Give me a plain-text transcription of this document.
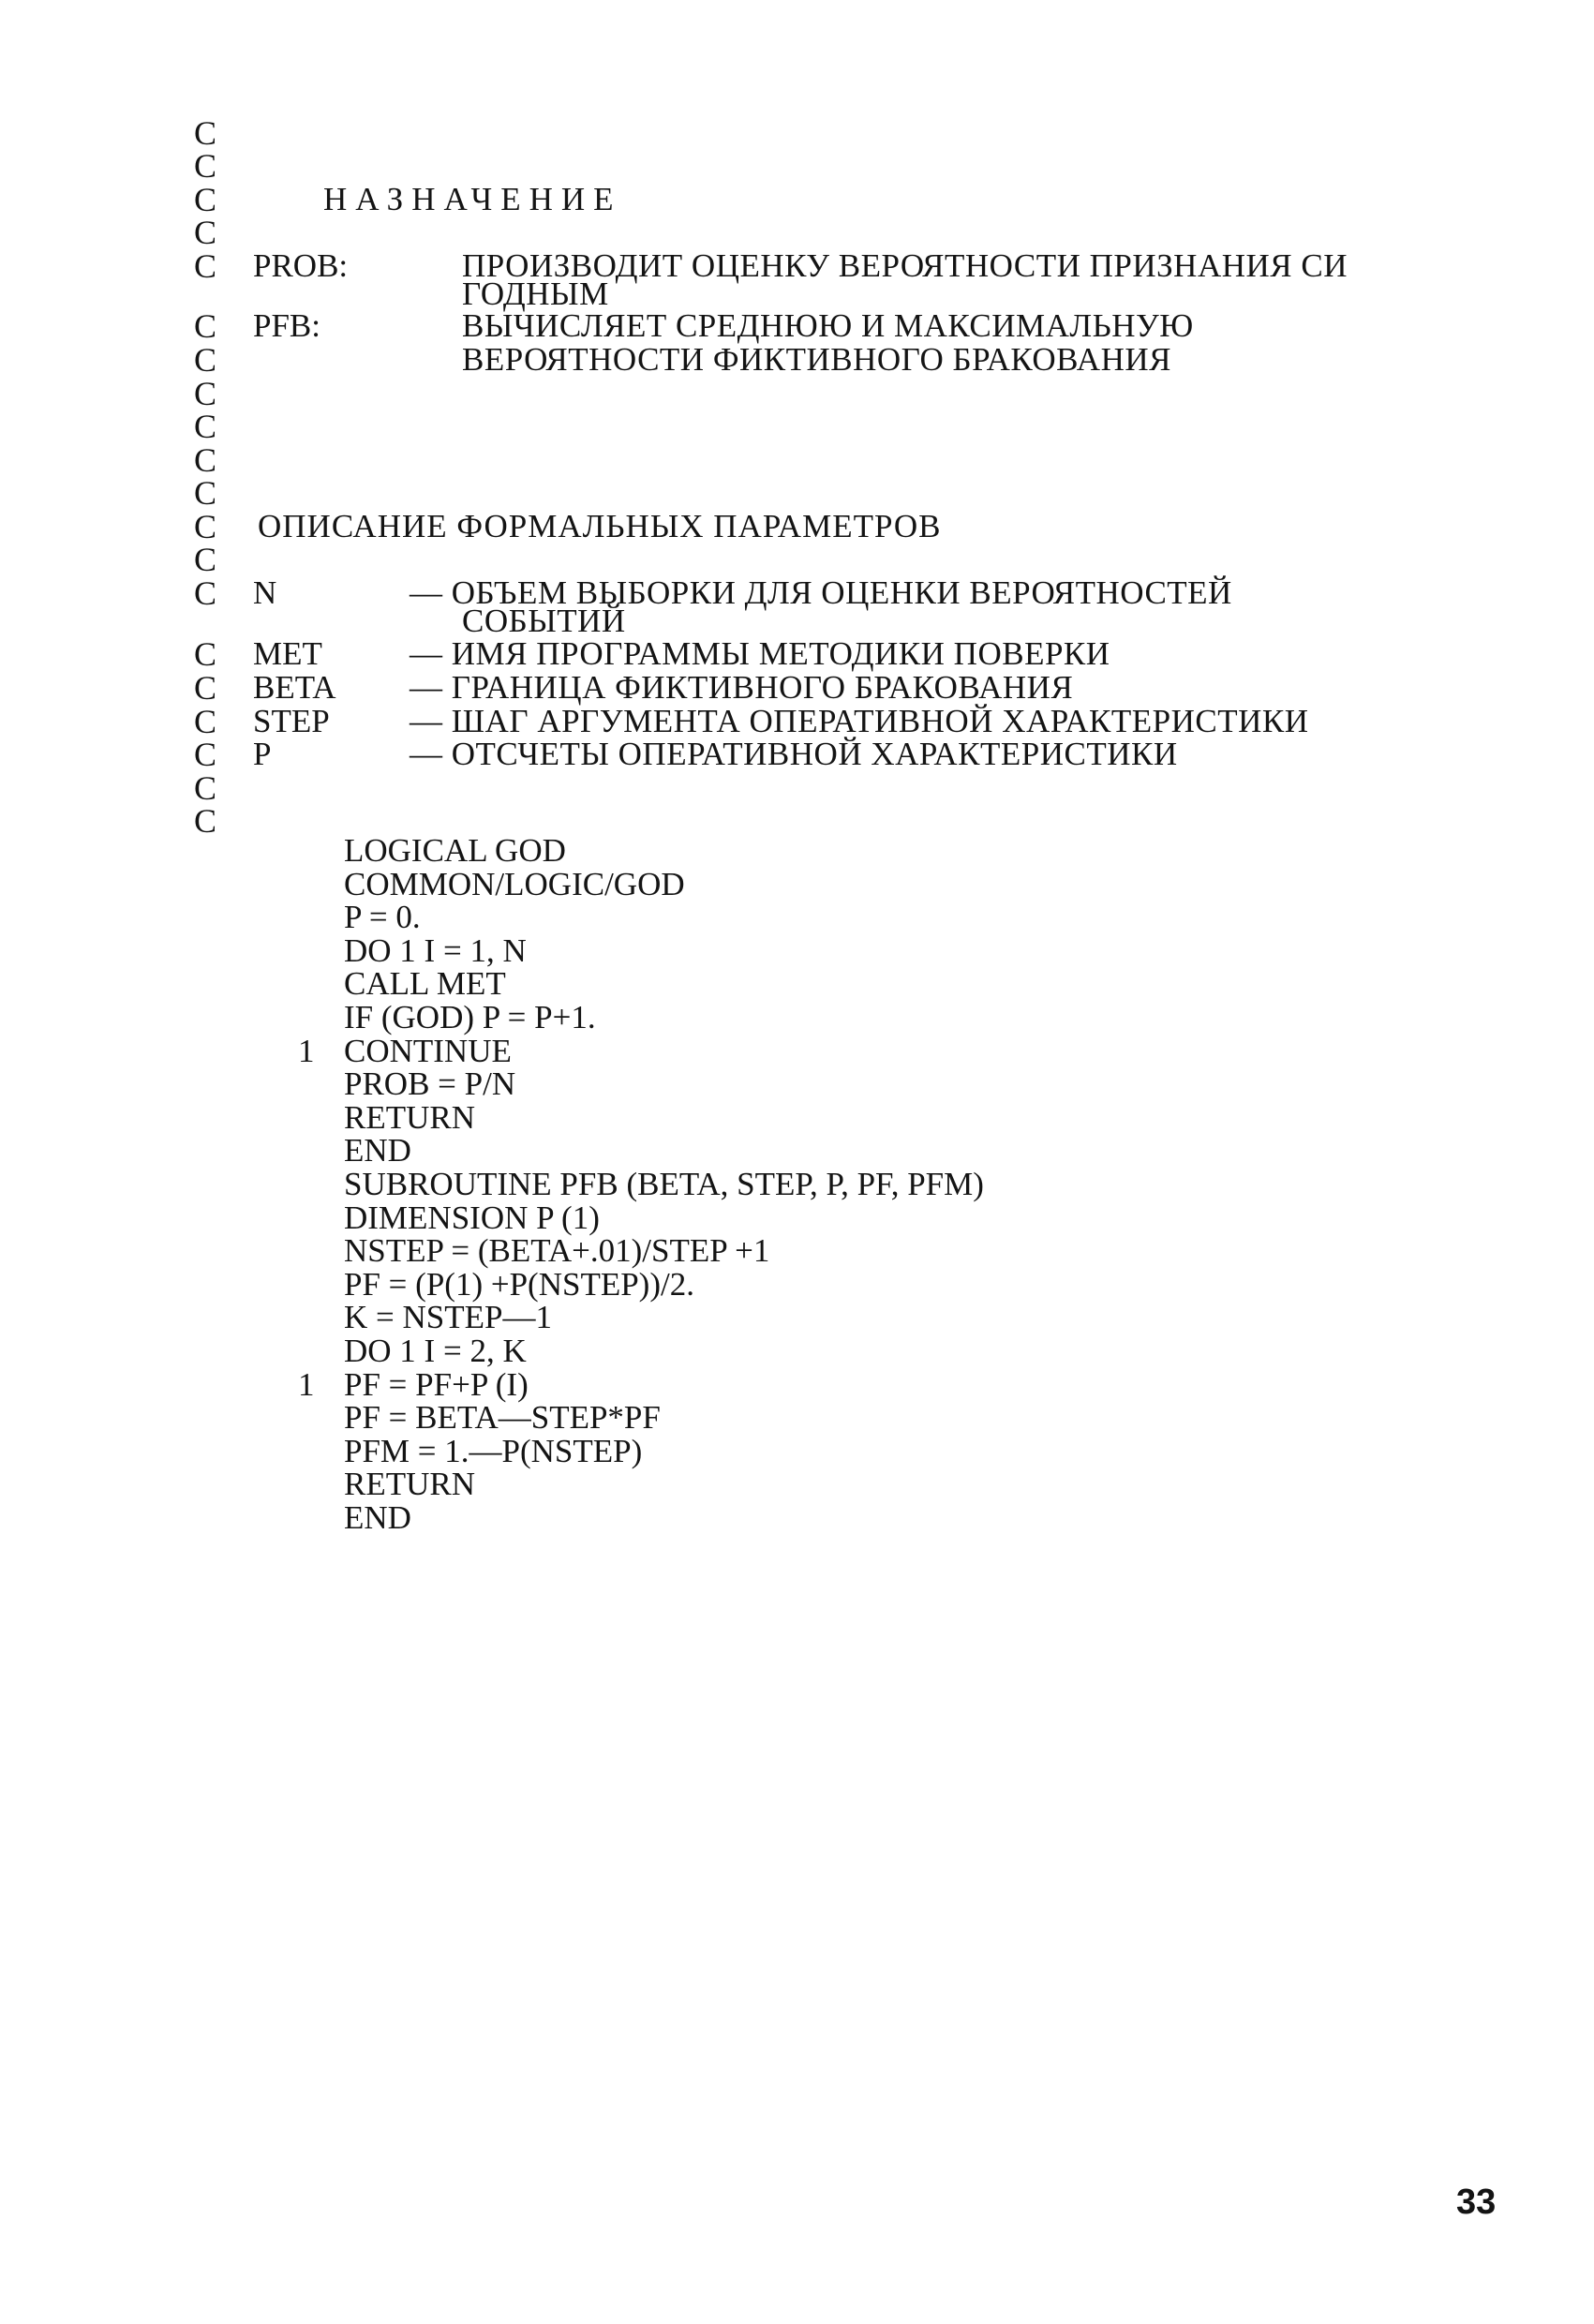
C
C
C	НАЗНАЧЕНИЕ
C
C PROB:	ПРОИЗВОДИТ ОЦЕНКУ ВЕРОЯТНОСТИ ПРИЗНАНИЯ СИ
ГОДНЫМ
C PFB:	ВЫЧИСЛЯЕТ СРЕДНЮЮ И МАКСИМАЛЬНУЮ
C	ВЕРОЯТНОСТИ ФИКТИВНОГО БРАКОВАНИЯ
C
C
C
C
C ОПИСАНИЕ ФОРМАЛЬНЫХ ПАРАМЕТРОВ
C
C N	— ОБЪЕМ ВЫБОРКИ ДЛЯ ОЦЕНКИ ВЕРОЯТНОСТЕЙ
СОБЫТИЙ
C MET	— ИМЯ ПРОГРАММЫ МЕТОДИКИ ПОВЕРКИ
C BETA — ГРАНИЦА ФИКТИВНОГО БРАКОВАНИЯ
C STEP — ШАГ АРГУМЕНТА ОПЕРАТИВНОЙ ХАРАКТЕРИСТИКИ
C P	— ОТСЧЕТЫ ОПЕРАТИВНОЙ ХАРАКТЕРИСТИКИ
C
C
LOGICAL GOD
COMMON/LOGIC/GOD
P = 0.
DO 1 I = 1, N
CALL MET
IF (GOD) P = P+1.
1 CONTINUE
PROB = P/N
RETURN
END
SUBROUTINE PFB (BETA, STEP, P, PF, PFM)
DIMENSION P (1)
NSTEP = (BETA+.01)/STEP +1
PF = (P(1) +P(NSTEP))/2.
K = NSTEP—1
DO 1 I = 2, K
1 PF = PF+P (I)
PF = BETA—STEP*PF
PFM = 1.—P(NSTEP)
RETURN
END
33
